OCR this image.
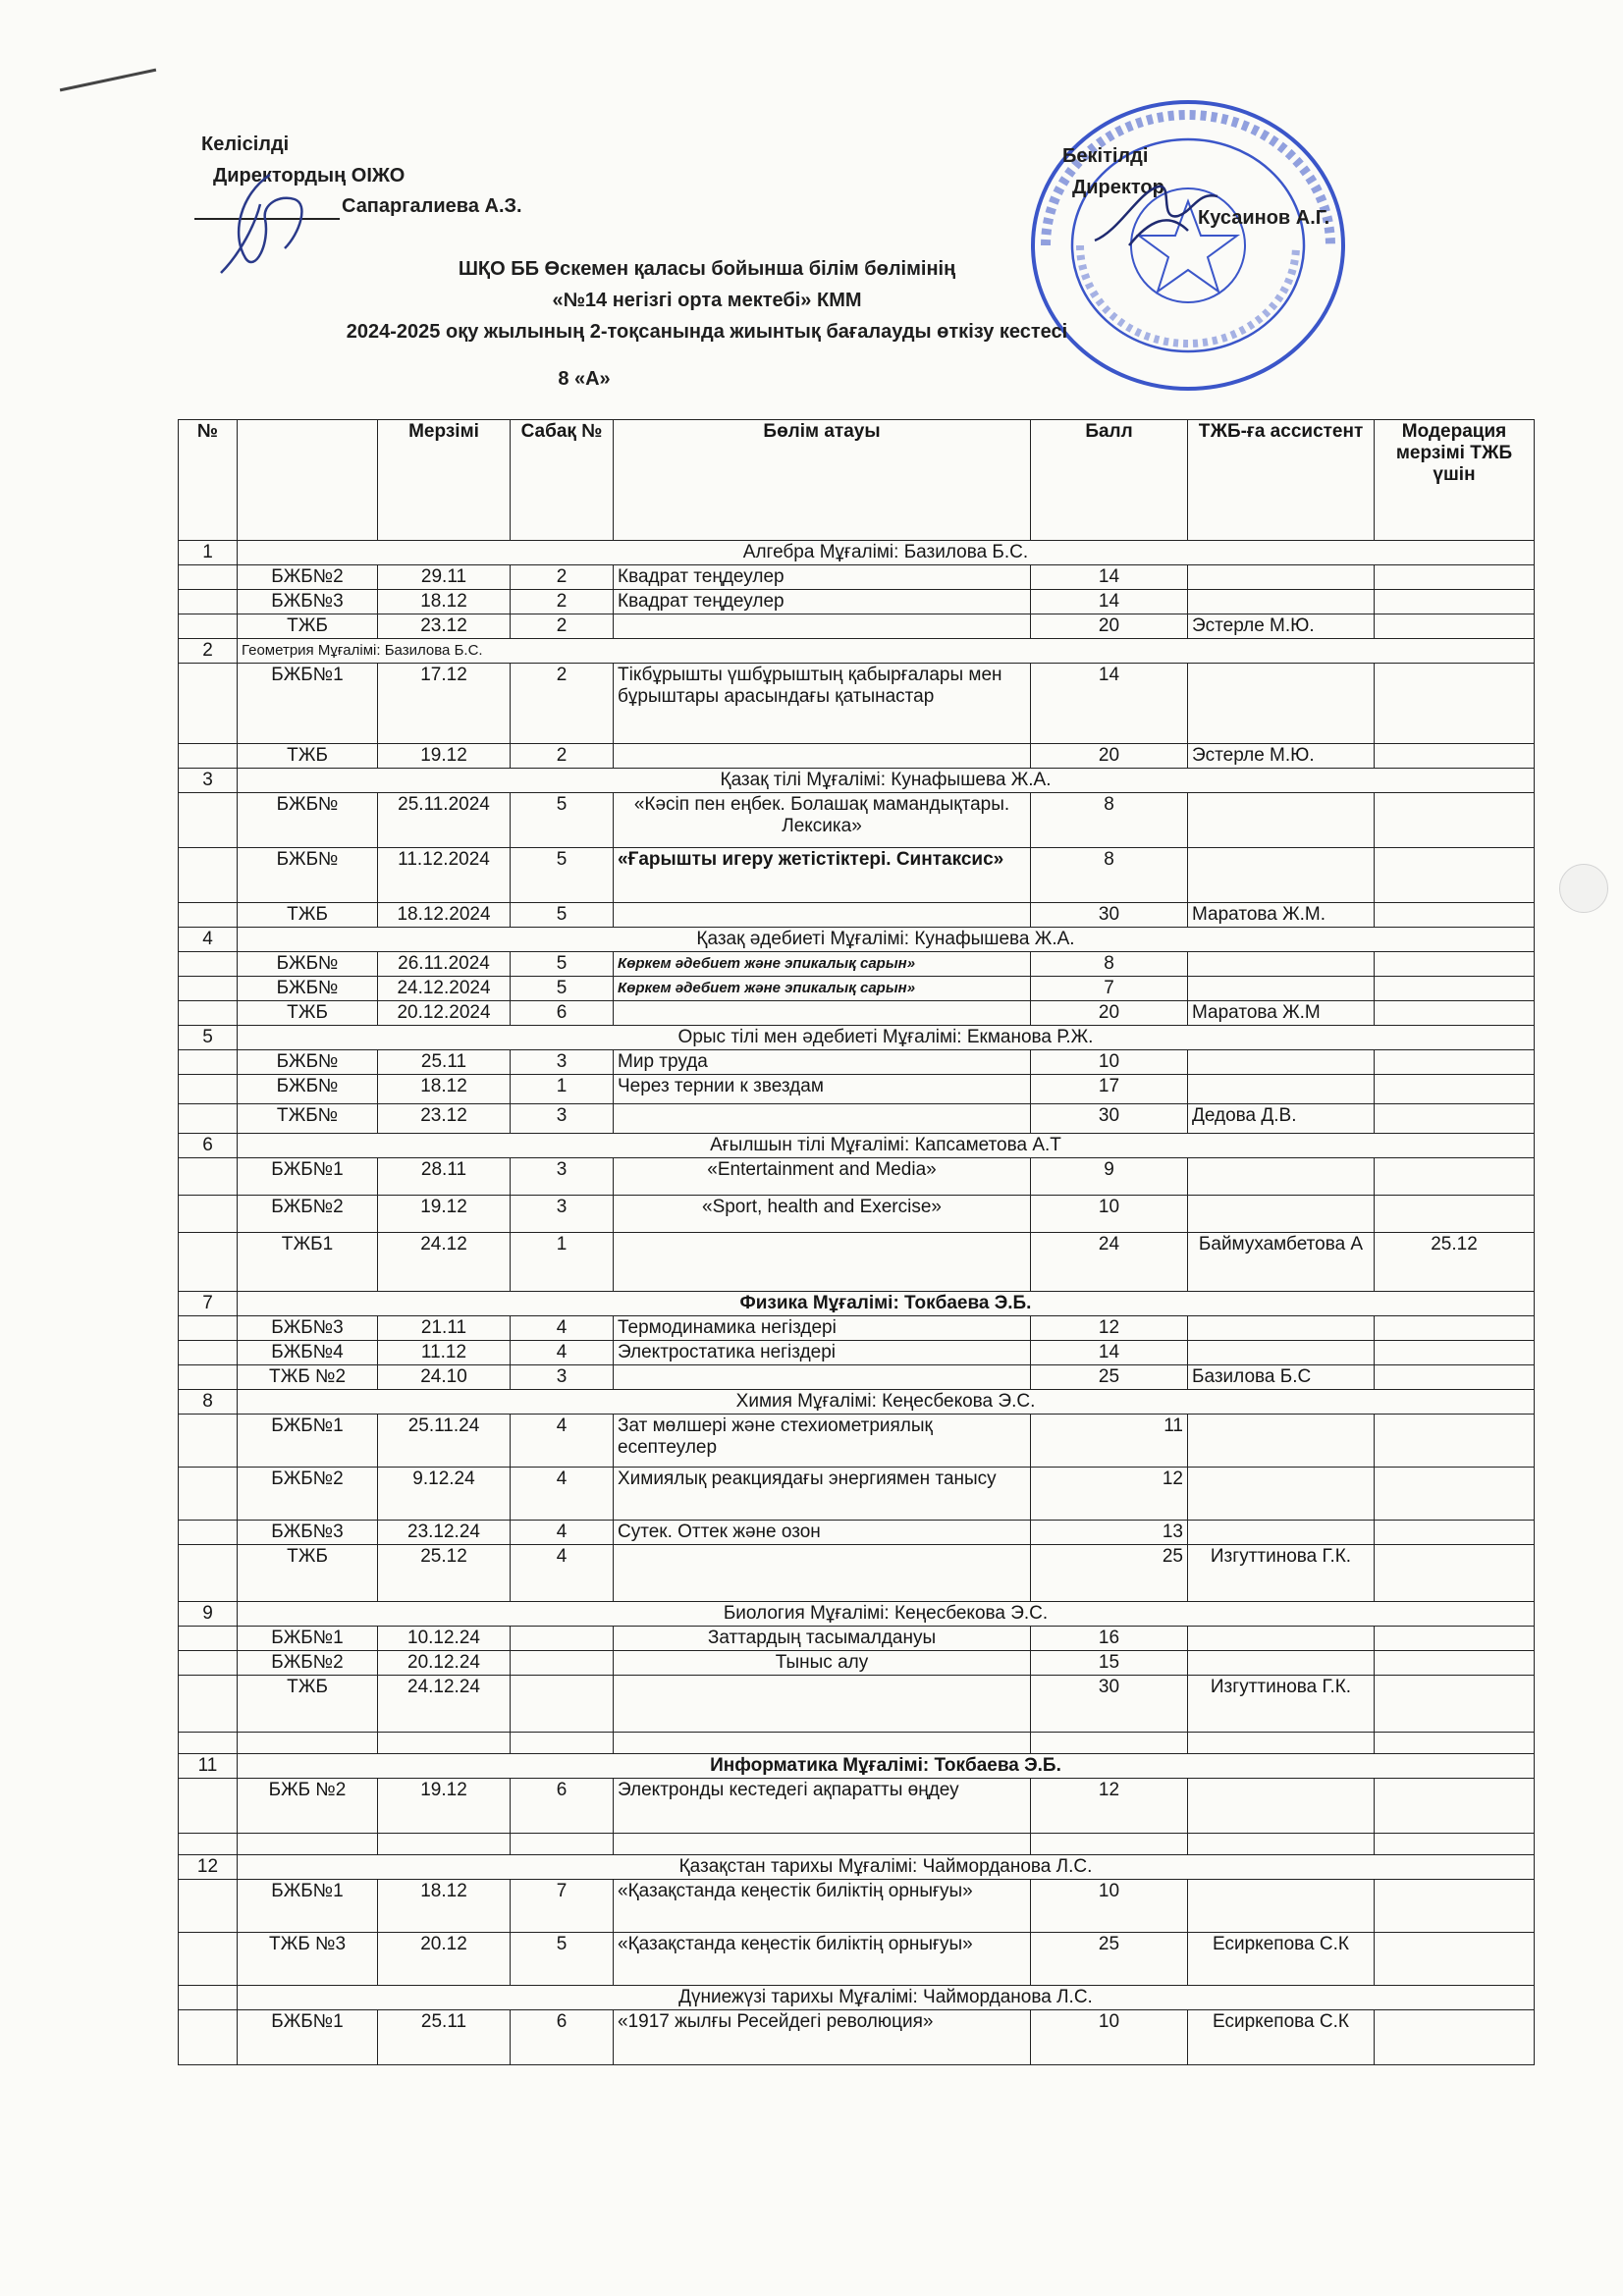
Келісілді
Директордың ОІЖО
Сапаргалиева А.З.
Бекітілді
Директор
Кусаинов А.Г.
ШҚО ББ Өскемен қаласы бойынша білім бөлімінің
«№14 негізгі орта мектебі» КММ
2024-2025 оқу жылының 2-тоқсанында жиынтық бағалауды өткізу кестесі
8 «А»
№		Мерзімі	Сабақ №	Бөлім атауы	Балл	ТЖБ-ға ассистент	Модерация мерзімі ТЖБ үшін
1	Алгебра Мұғалімі: Базилова Б.С.						
	БЖБ№2	29.11	2	Квадрат теңдеулер	14		
	БЖБ№3	18.12	2	Квадрат теңдеулер	14		
	ТЖБ	23.12	2		20	Эстерле М.Ю.	
2	Геометрия Мұғалімі: Базилова Б.С.						
	БЖБ№1	17.12	2	Тікбұрышты үшбұрыштың қабырғалары мен бұрыштары арасындағы қатынастар	14		
	ТЖБ	19.12	2		20	Эстерле М.Ю.	
3	Қазақ тілі Мұғалімі: Кунафышева Ж.А.						
	БЖБ№	25.11.2024	5	«Кәсіп пен еңбек. Болашақ мамандықтары. Лексика»	8		
	БЖБ№	11.12.2024	5	«Ғарышты игеру жетістіктері. Синтаксис»	8		
	ТЖБ	18.12.2024	5		30	Маратова Ж.М.	
4	Қазақ әдебиеті Мұғалімі: Кунафышева Ж.А.						
	БЖБ№	26.11.2024	5	Көркем әдебиет және эпикалық сарын»	8		
	БЖБ№	24.12.2024	5	Көркем әдебиет және эпикалық сарын»	7		
	ТЖБ	20.12.2024	6		20	Маратова Ж.М	
5	Орыс тілі мен әдебиеті Мұғалімі: Екманова Р.Ж.						
	БЖБ№	25.11	3	Мир труда	10		
	БЖБ№	18.12	1	Через тернии к звездам	17		
	ТЖБ№	23.12	3		30	Дедова Д.В.	
6	Ағылшын тілі Мұғалімі: Капсаметова А.Т						
	БЖБ№1	28.11	3	«Entertainment and Media»	9		
	БЖБ№2	19.12	3	«Sport, health and Exercise»	10		
	ТЖБ1	24.12	1		24	Баймухамбетова А	25.12
7	Физика Мұғалімі: Токбаева Э.Б.						
	БЖБ№3	21.11	4	Термодинамика негіздері	12		
	БЖБ№4	11.12	4	Электростатика негіздері	14		
	ТЖБ №2	24.10	3		25	Базилова Б.С	
8	Химия Мұғалімі: Кеңесбекова Э.С.						
	БЖБ№1	25.11.24	4	Зат мөлшері және стехиометриялық есептеулер	11		
	БЖБ№2	9.12.24	4	Химиялық реакциядағы энергиямен танысу	12		
	БЖБ№3	23.12.24	4	Сутек. Оттек және озон	13		
	ТЖБ	25.12	4		25	Изгуттинова Г.К.	
9	Биология Мұғалімі: Кеңесбекова Э.С.						
	БЖБ№1	10.12.24		Заттардың тасымалдануы	16		
	БЖБ№2	20.12.24		Тыныс алу	15		
	ТЖБ	24.12.24			30	Изгуттинова Г.К.	

11	Информатика Мұғалімі: Токбаева Э.Б.						
	БЖБ №2	19.12	6	Электронды кестедегі ақпаратты өңдеу	12		

12	Қазақстан тарихы Мұғалімі: Чайморданова Л.С.						
	БЖБ№1	18.12	7	«Қазақстанда кеңестік биліктің орнығуы»	10		
	ТЖБ №3	20.12	5	«Қазақстанда кеңестік биліктің орнығуы»	25	Есиркепова С.К	
	Дүниежүзі тарихы Мұғалімі: Чайморданова Л.С.						
	БЖБ№1	25.11	6	«1917 жылғы Ресейдегі революция»	10	Есиркепова С.К	
